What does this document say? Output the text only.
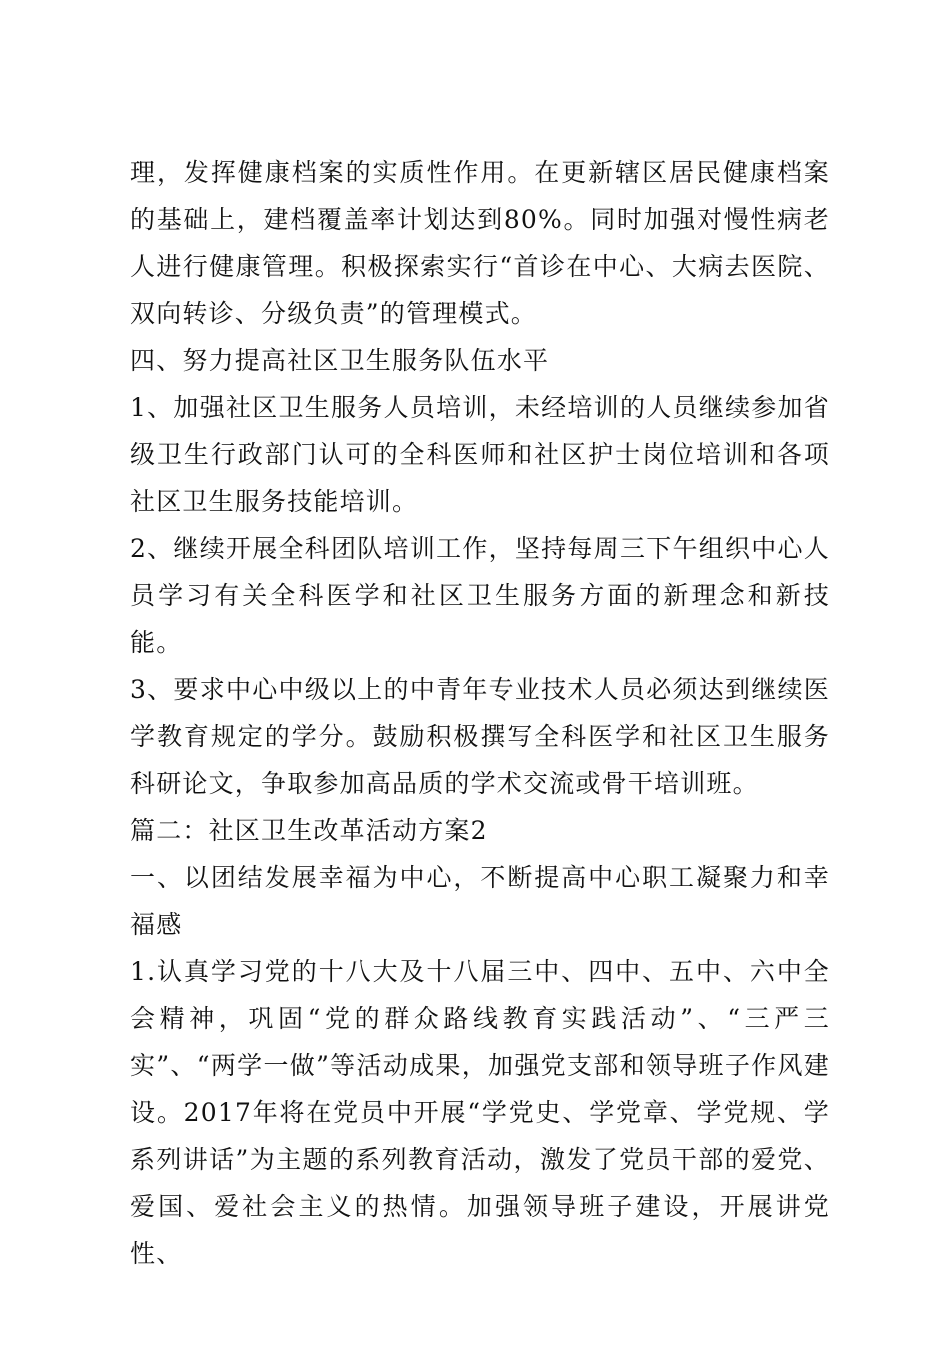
理，发挥健康档案的实质性作用。在更新辖区居民健康档案的基础上，建档覆盖率计划达到80%。同时加强对慢性病老人进行健康管理。积极探索实行“首诊在中心、大病去医院、双向转诊、分级负责”的管理模式。

四、努力提高社区卫生服务队伍水平

1、加强社区卫生服务人员培训，未经培训的人员继续参加省级卫生行政部门认可的全科医师和社区护士岗位培训和各项社区卫生服务技能培训。

2、继续开展全科团队培训工作，坚持每周三下午组织中心人员学习有关全科医学和社区卫生服务方面的新理念和新技能。

3、要求中心中级以上的中青年专业技术人员必须达到继续医学教育规定的学分。鼓励积极撰写全科医学和社区卫生服务科研论文，争取参加高品质的学术交流或骨干培训班。

篇二：社区卫生改革活动方案2

一、以团结发展幸福为中心，不断提高中心职工凝聚力和幸福感

1.认真学习党的十八大及十八届三中、四中、五中、六中全会精神，巩固“党的群众路线教育实践活动”、“三严三实”、“两学一做”等活动成果，加强党支部和领导班子作风建设。2017年将在党员中开展“学党史、学党章、学党规、学系列讲话”为主题的系列教育活动，激发了党员干部的爱党、爱国、爱社会主义的热情。加强领导班子建设，开展讲党性、
